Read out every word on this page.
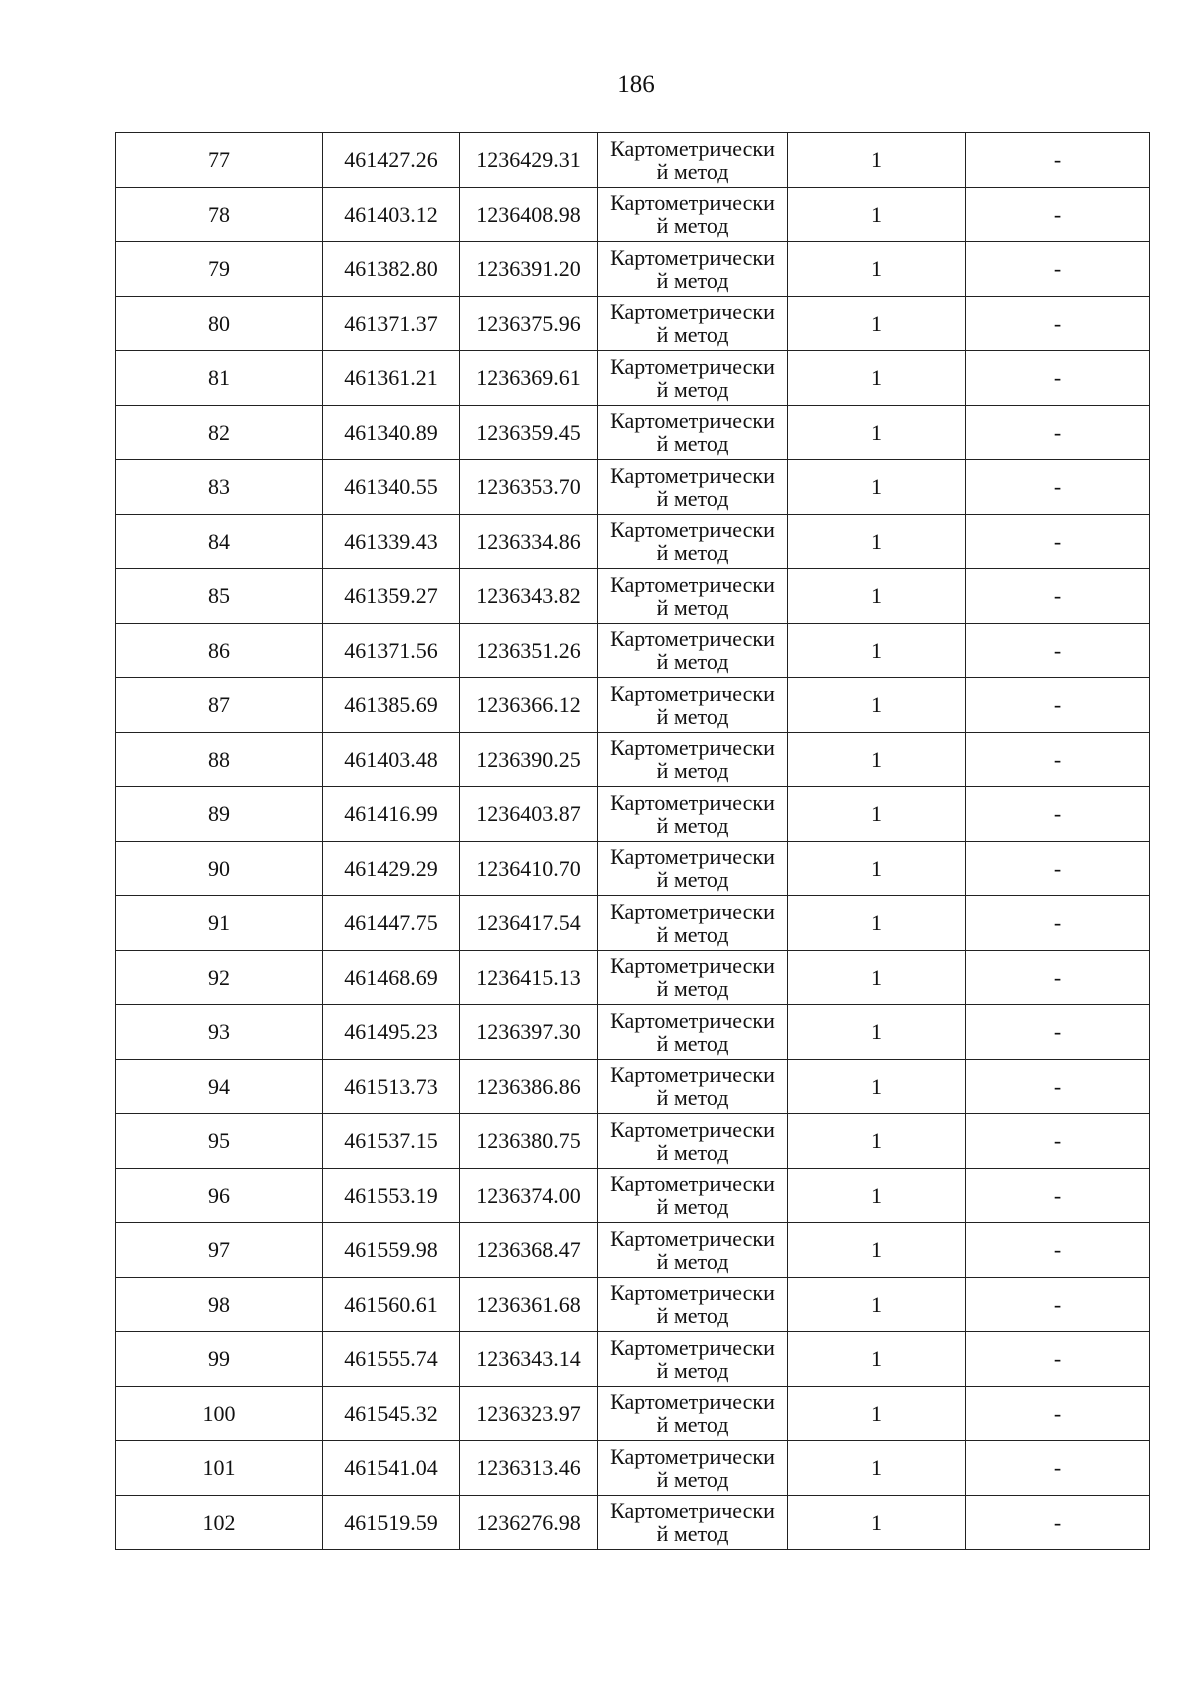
186
77	461427.26	1236429.31	Картометрически
й метод	1	-
78	461403.12	1236408.98	Картометрически
й метод	1	-
79	461382.80	1236391.20	Картометрически
й метод	1	-
80	461371.37	1236375.96	Картометрически
й метод	1	-
81	461361.21	1236369.61	Картометрически
й метод	1	-
82	461340.89	1236359.45	Картометрически
й метод	1	-
83	461340.55	1236353.70	Картометрически
й метод	1	-
84	461339.43	1236334.86	Картометрически
й метод	1	-
85	461359.27	1236343.82	Картометрически
й метод	1	-
86	461371.56	1236351.26	Картометрически
й метод	1	-
87	461385.69	1236366.12	Картометрически
й метод	1	-
88	461403.48	1236390.25	Картометрически
й метод	1	-
89	461416.99	1236403.87	Картометрически
й метод	1	-
90	461429.29	1236410.70	Картометрически
й метод	1	-
91	461447.75	1236417.54	Картометрически
й метод	1	-
92	461468.69	1236415.13	Картометрически
й метод	1	-
93	461495.23	1236397.30	Картометрически
й метод	1	-
94	461513.73	1236386.86	Картометрически
й метод	1	-
95	461537.15	1236380.75	Картометрически
й метод	1	-
96	461553.19	1236374.00	Картометрически
й метод	1	-
97	461559.98	1236368.47	Картометрически
й метод	1	-
98	461560.61	1236361.68	Картометрически
й метод	1	-
99	461555.74	1236343.14	Картометрически
й метод	1	-
100	461545.32	1236323.97	Картометрически
й метод	1	-
101	461541.04	1236313.46	Картометрически
й метод	1	-
102	461519.59	1236276.98	Картометрически
й метод	1	-
